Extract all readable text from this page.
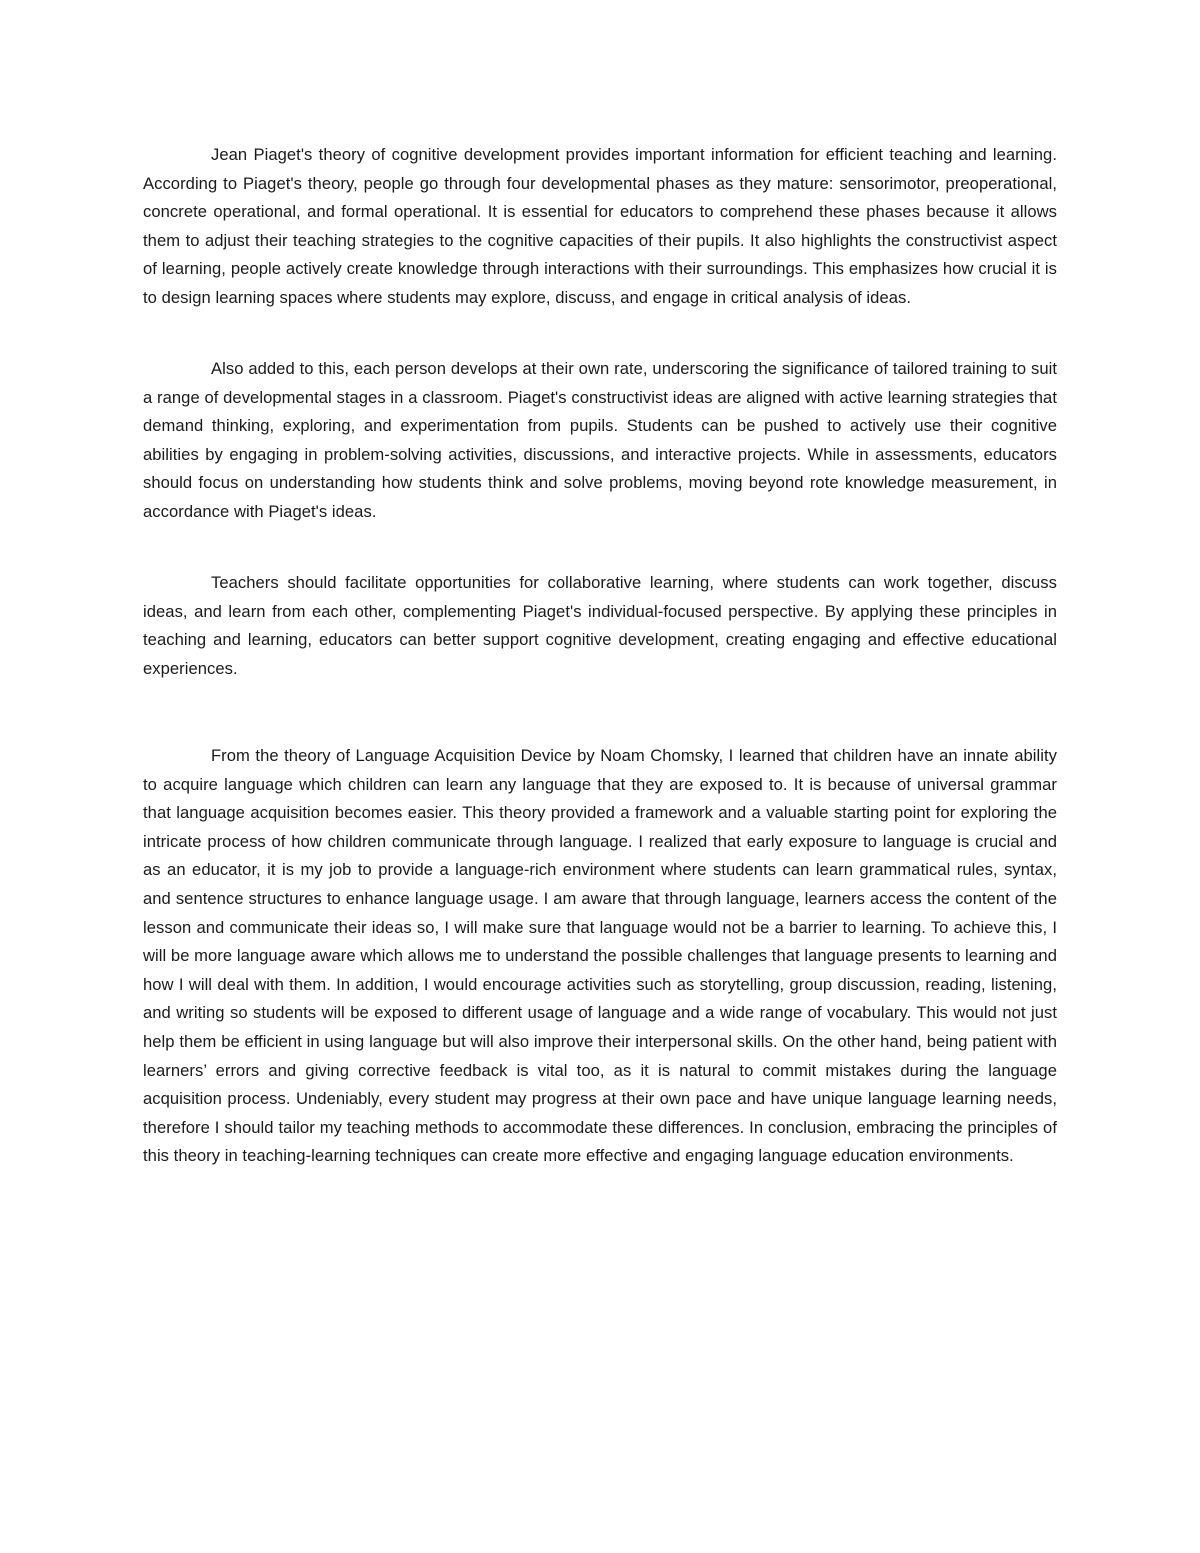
Jean Piaget's theory of cognitive development provides important information for efficient teaching and learning. According to Piaget's theory, people go through four developmental phases as they mature: sensorimotor, preoperational, concrete operational, and formal operational. It is essential for educators to comprehend these phases because it allows them to adjust their teaching strategies to the cognitive capacities of their pupils. It also highlights the constructivist aspect of learning, people actively create knowledge through interactions with their surroundings. This emphasizes how crucial it is to design learning spaces where students may explore, discuss, and engage in critical analysis of ideas.

Also added to this, each person develops at their own rate, underscoring the significance of tailored training to suit a range of developmental stages in a classroom. Piaget's constructivist ideas are aligned with active learning strategies that demand thinking, exploring, and experimentation from pupils. Students can be pushed to actively use their cognitive abilities by engaging in problem-solving activities, discussions, and interactive projects. While in assessments, educators should focus on understanding how students think and solve problems, moving beyond rote knowledge measurement, in accordance with Piaget's ideas.

Teachers should facilitate opportunities for collaborative learning, where students can work together, discuss ideas, and learn from each other, complementing Piaget's individual-focused perspective. By applying these principles in teaching and learning, educators can better support cognitive development, creating engaging and effective educational experiences.

From the theory of Language Acquisition Device by Noam Chomsky, I learned that children have an innate ability to acquire language which children can learn any language that they are exposed to. It is because of universal grammar that language acquisition becomes easier. This theory provided a framework and a valuable starting point for exploring the intricate process of how children communicate through language. I realized that early exposure to language is crucial and as an educator, it is my job to provide a language-rich environment where students can learn grammatical rules, syntax, and sentence structures to enhance language usage. I am aware that through language, learners access the content of the lesson and communicate their ideas so, I will make sure that language would not be a barrier to learning. To achieve this, I will be more language aware which allows me to understand the possible challenges that language presents to learning and how I will deal with them. In addition, I would encourage activities such as storytelling, group discussion, reading, listening, and writing so students will be exposed to different usage of language and a wide range of vocabulary. This would not just help them be efficient in using language but will also improve their interpersonal skills. On the other hand, being patient with learners’ errors and giving corrective feedback is vital too, as it is natural to commit mistakes during the language acquisition process. Undeniably, every student may progress at their own pace and have unique language learning needs, therefore I should tailor my teaching methods to accommodate these differences. In conclusion, embracing the principles of this theory in teaching-learning techniques can create more effective and engaging language education environments.
